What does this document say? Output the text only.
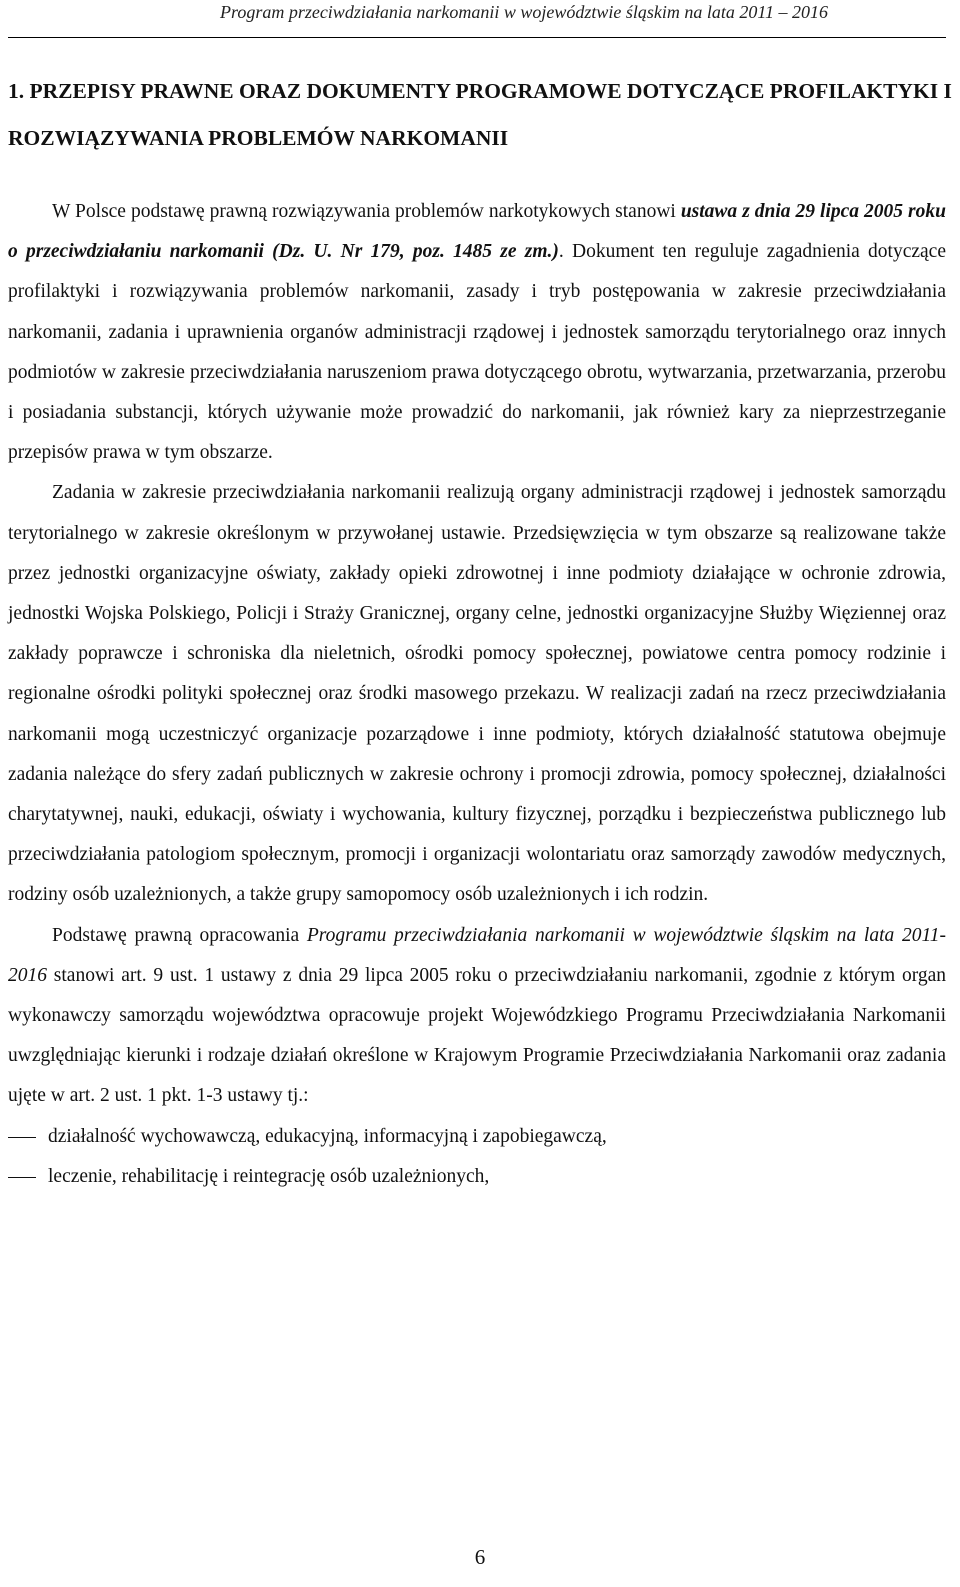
Program przeciwdziałania narkomanii w województwie śląskim na lata 2011 – 2016
1. PRZEPISY PRAWNE ORAZ DOKUMENTY PROGRAMOWE DOTYCZĄCE PROFILAKTYKI I ROZWIĄZYWANIA PROBLEMÓW NARKOMANII

W Polsce podstawę prawną rozwiązywania problemów narkotykowych stanowi ustawa z dnia 29 lipca 2005 roku o przeciwdziałaniu narkomanii (Dz. U. Nr 179, poz. 1485 ze zm.). Dokument ten reguluje zagadnienia dotyczące profilaktyki i rozwiązywania problemów narkomanii, zasady i tryb postępowania w zakresie przeciwdziałania narkomanii, zadania i uprawnienia organów administracji rządowej i jednostek samorządu terytorialnego oraz innych podmiotów w zakresie przeciwdziałania naruszeniom prawa dotyczącego obrotu, wytwarzania, przetwarzania, przerobu i posiadania substancji, których używanie może prowadzić do narkomanii, jak również kary za nieprzestrzeganie przepisów prawa w tym obszarze.

Zadania w zakresie przeciwdziałania narkomanii realizują organy administracji rządowej i jednostek samorządu terytorialnego w zakresie określonym w przywołanej ustawie. Przedsięwzięcia w tym obszarze są realizowane także przez jednostki organizacyjne oświaty, zakłady opieki zdrowotnej i inne podmioty działające w ochronie zdrowia, jednostki Wojska Polskiego, Policji i Straży Granicznej, organy celne, jednostki organizacyjne Służby Więziennej oraz zakłady poprawcze i schroniska dla nieletnich, ośrodki pomocy społecznej, powiatowe centra pomocy rodzinie i regionalne ośrodki polityki społecznej oraz środki masowego przekazu. W realizacji zadań na rzecz przeciwdziałania narkomanii mogą uczestniczyć organizacje pozarządowe i inne podmioty, których działalność statutowa obejmuje zadania należące do sfery zadań publicznych w zakresie ochrony i promocji zdrowia, pomocy społecznej, działalności charytatywnej, nauki, edukacji, oświaty i wychowania, kultury fizycznej, porządku i bezpieczeństwa publicznego lub przeciwdziałania patologiom społecznym, promocji i organizacji wolontariatu oraz samorządy zawodów medycznych, rodziny osób uzależnionych, a także grupy samopomocy osób uzależnionych i ich rodzin.

Podstawę prawną opracowania Programu przeciwdziałania narkomanii w województwie śląskim na lata 2011-2016 stanowi art. 9 ust. 1 ustawy z dnia 29 lipca 2005 roku o przeciwdziałaniu narkomanii, zgodnie z którym organ wykonawczy samorządu województwa opracowuje projekt Wojewódzkiego Programu Przeciwdziałania Narkomanii uwzględniając kierunki i rodzaje działań określone w Krajowym Programie Przeciwdziałania Narkomanii oraz zadania ujęte w art. 2 ust. 1 pkt. 1-3 ustawy tj.:

działalność wychowawczą, edukacyjną, informacyjną i zapobiegawczą,
leczenie, rehabilitację i reintegrację osób uzależnionych,
6
